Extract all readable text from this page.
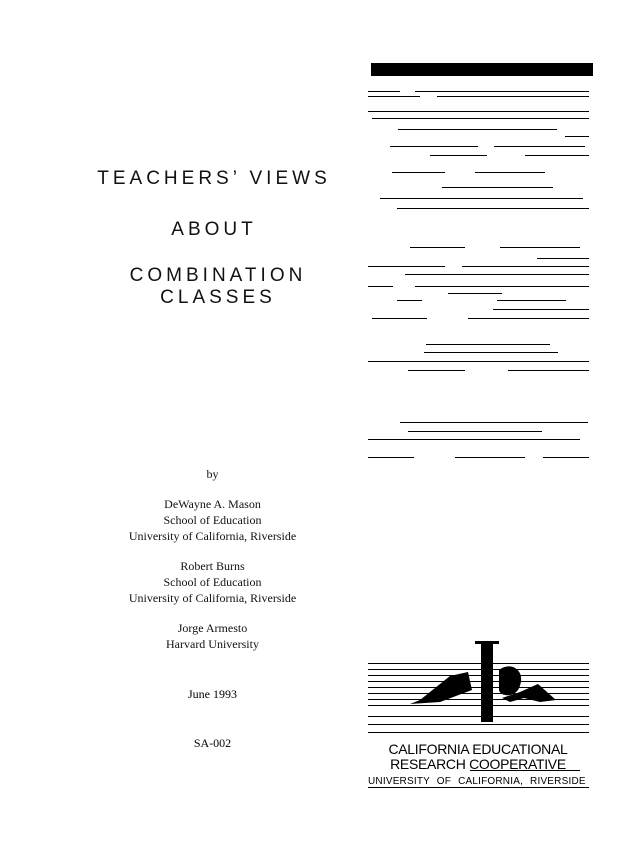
TEACHERS’ VIEWS
ABOUT
COMBINATION CLASSES
by
DeWayne A. Mason
School of Education
University of California, Riverside
Robert Burns
School of Education
University of California, Riverside
Jorge Armesto
Harvard University
June 1993
SA-002	CALIFORNIA EDUCATIONAL
RESEARCH COOPERATIVE
UNIVERSITY OF CALIFORNIA, RIVERSIDE
